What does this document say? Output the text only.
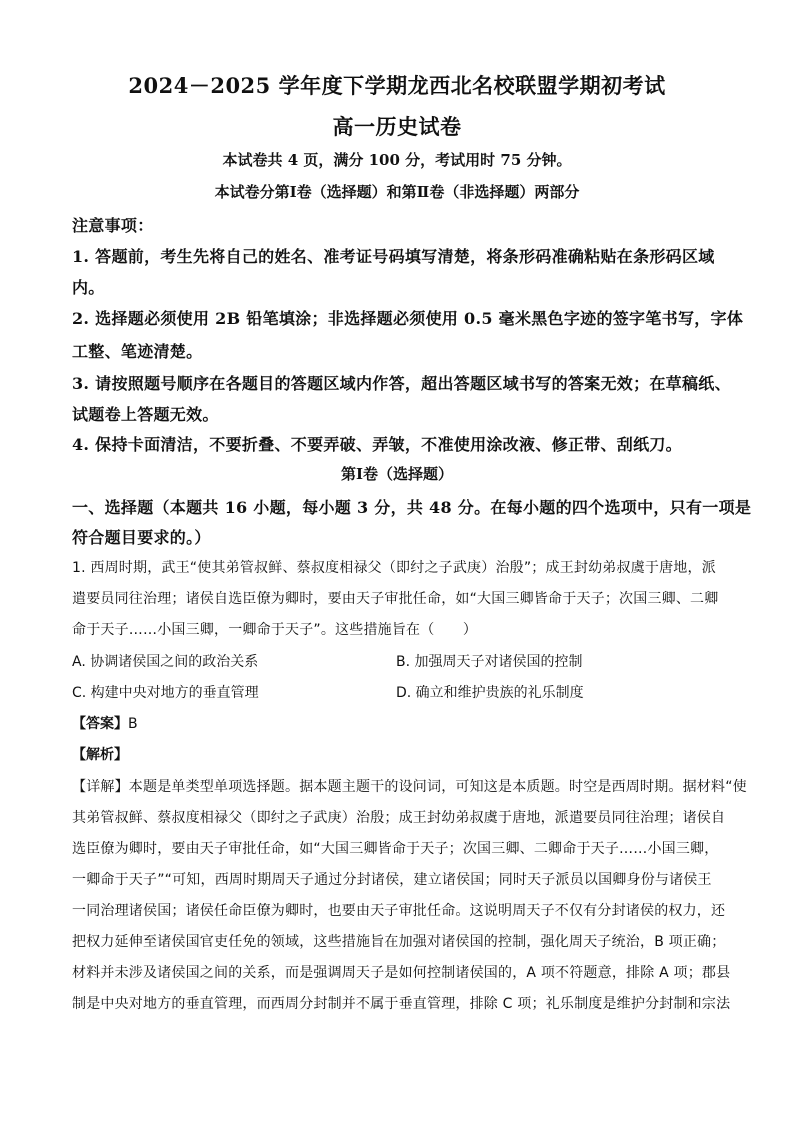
2024－2025 学年度下学期龙西北名校联盟学期初考试
高一历史试卷
本试卷共 4 页，满分 100 分，考试用时 75 分钟。
本试卷分第Ⅰ卷（选择题）和第Ⅱ卷（非选择题）两部分
注意事项：
1. 答题前，考生先将自己的姓名、准考证号码填写清楚，将条形码准确粘贴在条形码区域
内。
2. 选择题必须使用 2B 铅笔填涂；非选择题必须使用 0.5 毫米黑色字迹的签字笔书写，字体
工整、笔迹清楚。
3. 请按照题号顺序在各题目的答题区域内作答，超出答题区域书写的答案无效；在草稿纸、
试题卷上答题无效。
4. 保持卡面清洁，不要折叠、不要弄破、弄皱，不准使用涂改液、修正带、刮纸刀。
第Ⅰ卷（选择题）
一、选择题（本题共 16 小题，每小题 3 分，共 48 分。在每小题的四个选项中，只有一项是
符合题目要求的。）
1. 西周时期，武王“使其弟管叔鲜、蔡叔度相禄父（即纣之子武庚）治殷”；成王封幼弟叔虞于唐地，派
遣要员同往治理；诸侯自选臣僚为卿时，要由天子审批任命，如“大国三卿皆命于天子；次国三卿、二卿
命于天子……小国三卿，一卿命于天子”。这些措施旨在（　　）
A. 协调诸侯国之间的政治关系	B. 加强周天子对诸侯国的控制
C. 构建中央对地方的垂直管理	D. 确立和维护贵族的礼乐制度
【答案】B
【解析】
【详解】本题是单类型单项选择题。据本题主题干的设问词，可知这是本质题。时空是西周时期。据材料“使
其弟管叔鲜、蔡叔度相禄父（即纣之子武庚）治殷；成王封幼弟叔虞于唐地，派遣要员同往治理；诸侯自
选臣僚为卿时，要由天子审批任命，如“大国三卿皆命于天子；次国三卿、二卿命于天子……小国三卿，
一卿命于天子”“可知，西周时期周天子通过分封诸侯，建立诸侯国；同时天子派员以国卿身份与诸侯王
一同治理诸侯国；诸侯任命臣僚为卿时，也要由天子审批任命。这说明周天子不仅有分封诸侯的权力，还
把权力延伸至诸侯国官吏任免的领域，这些措施旨在加强对诸侯国的控制，强化周天子统治，B 项正确；
材料并未涉及诸侯国之间的关系，而是强调周天子是如何控制诸侯国的，A 项不符题意，排除 A 项；郡县
制是中央对地方的垂直管理，而西周分封制并不属于垂直管理，排除 C 项；礼乐制度是维护分封制和宗法
